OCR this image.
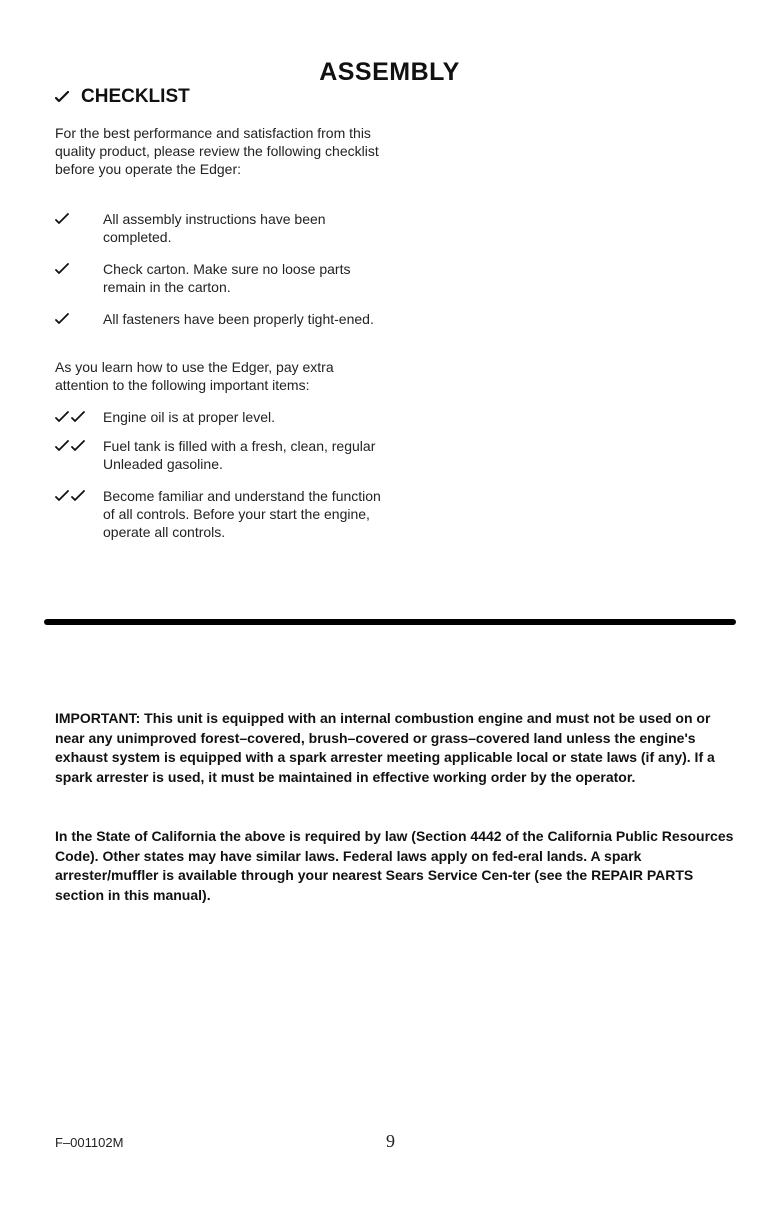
ASSEMBLY
CHECKLIST
For the best performance and satisfaction from this quality product, please review the following checklist before you operate the Edger:
All assembly instructions have been completed.
Check carton. Make sure no loose parts remain in the carton.
All fasteners have been properly tight-ened.
As you learn how to use the Edger, pay extra attention to the following important items:
Engine oil is at proper level.
Fuel tank is filled with a fresh, clean, regular Unleaded gasoline.
Become familiar and understand the function of all controls. Before your start the engine, operate all controls.
IMPORTANT: This unit is equipped with an internal combustion engine and must not be used on or near any unimproved forest–covered, brush–covered or grass–covered land unless the engine's exhaust system is equipped with a spark arrester meeting applicable local or state laws (if any). If a spark arrester is used, it must be maintained in effective working order by the operator.
In the State of California the above is required by law (Section 4442 of the California Public Resources Code). Other states may have similar laws. Federal laws apply on fed-eral lands. A spark arrester/muffler is available through your nearest Sears Service Cen-ter (see the REPAIR PARTS section in this manual).
F–001102M	9
